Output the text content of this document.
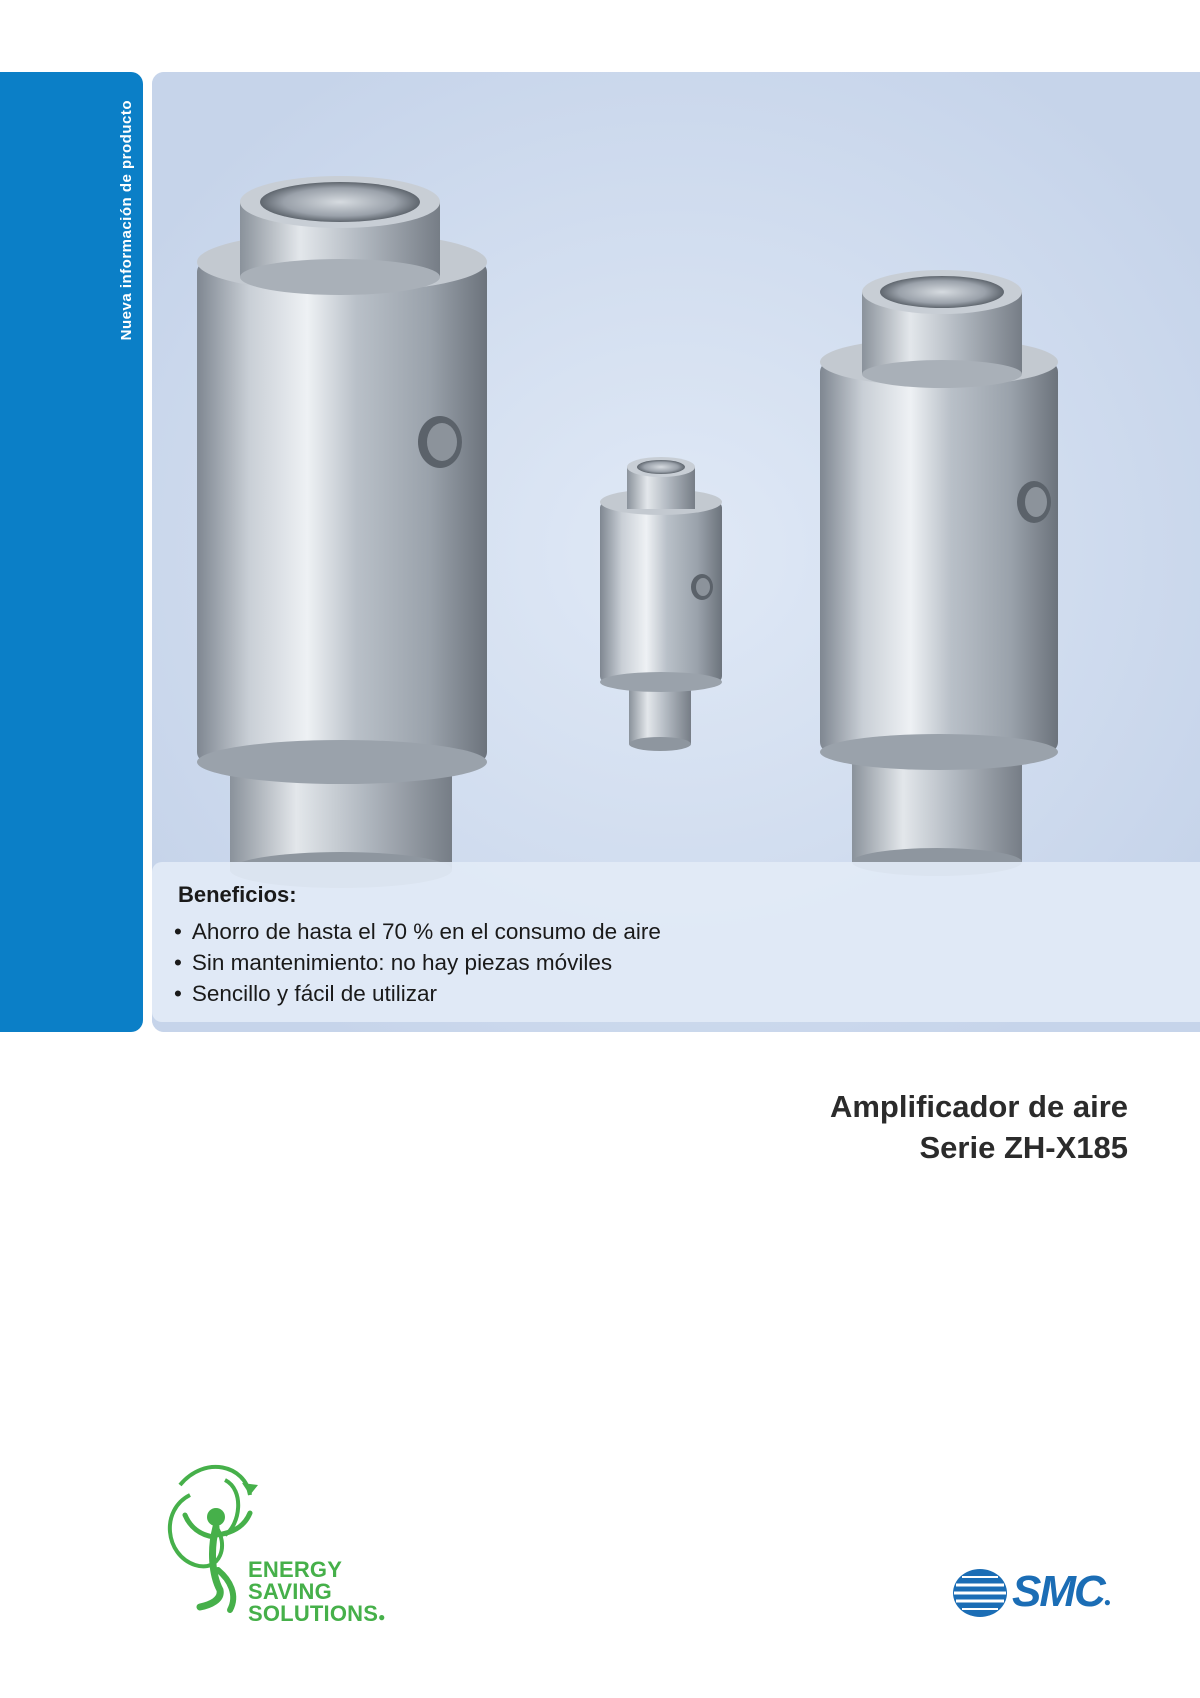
Nueva información de producto
Beneficios:
• Ahorro de hasta el 70 % en el consumo de aire
• Sin mantenimiento: no hay piezas móviles
• Sencillo y fácil de utilizar
Amplificador de aire
Serie ZH-X185
ENERGY
SAVING
SOLUTIONS●
SMC●
